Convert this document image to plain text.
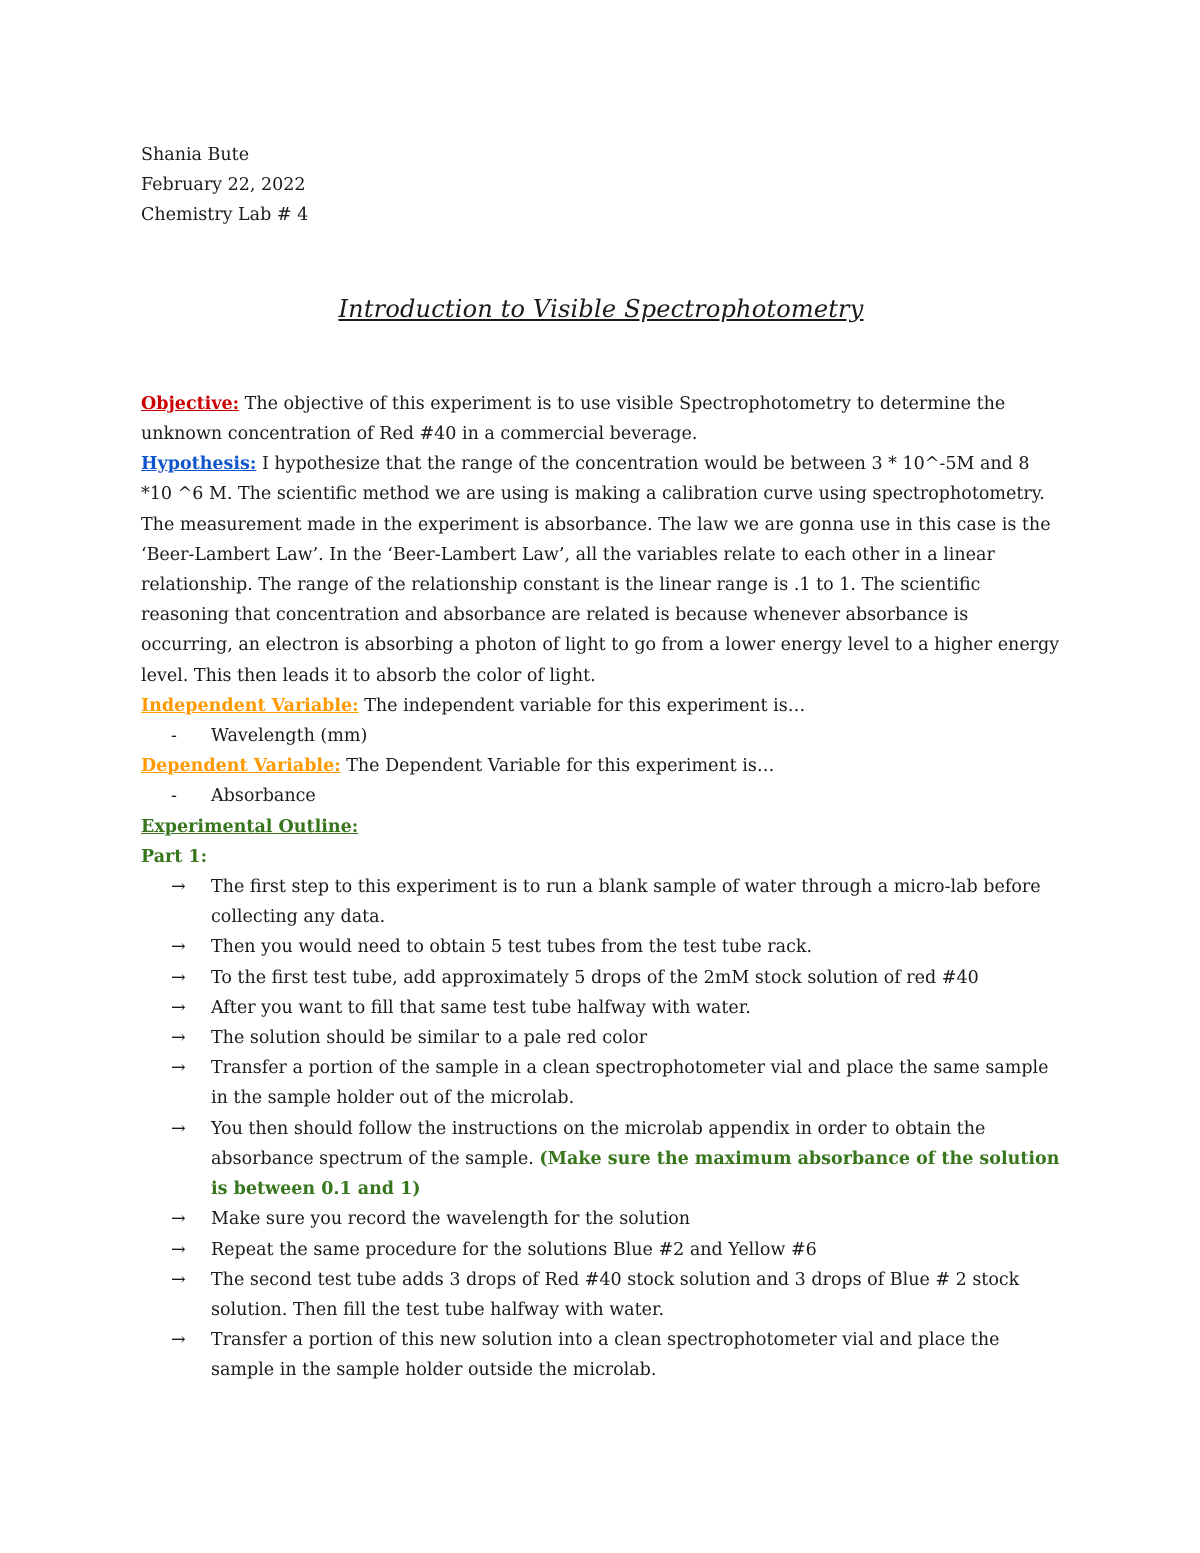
Shania Bute

February 22, 2022

Chemistry Lab # 4

Introduction to Visible Spectrophotometry

Objective: The objective of this experiment is to use visible Spectrophotometry to determine the unknown concentration of Red #40 in a commercial beverage.

Hypothesis: I hypothesize that the range of the concentration would be between 3 * 10^-5M and 8 *10 ^6 M. The scientific method we are using is making a calibration curve using spectrophotometry. The measurement made in the experiment is absorbance. The law we are gonna use in this case is the ‘Beer-Lambert Law’. In the ‘Beer-Lambert Law’, all the variables relate to each other in a linear relationship. The range of the relationship constant is the linear range is .1 to 1. The scientific reasoning that concentration and absorbance are related is because whenever absorbance is occurring, an electron is absorbing a photon of light to go from a lower energy level to a higher energy level. This then leads it to absorb the color of light.

Independent Variable: The independent variable for this experiment is…

- Wavelength (mm)

Dependent Variable: The Dependent Variable for this experiment is…

- Absorbance

Experimental Outline:

Part 1:

→ The first step to this experiment is to run a blank sample of water through a micro-lab before collecting any data.
→ Then you would need to obtain 5 test tubes from the test tube rack.
→ To the first test tube, add approximately 5 drops of the 2mM stock solution of red #40
→ After you want to fill that same test tube halfway with water.
→ The solution should be similar to a pale red color
→ Transfer a portion of the sample in a clean spectrophotometer vial and place the same sample in the sample holder out of the microlab.
→ You then should follow the instructions on the microlab appendix in order to obtain the absorbance spectrum of the sample. (Make sure the maximum absorbance of the solution is between 0.1 and 1)
→ Make sure you record the wavelength for the solution
→ Repeat the same procedure for the solutions Blue #2 and Yellow #6
→ The second test tube adds 3 drops of Red #40 stock solution and 3 drops of Blue # 2 stock solution. Then fill the test tube halfway with water.
→ Transfer a portion of this new solution into a clean spectrophotometer vial and place the sample in the sample holder outside the microlab.
